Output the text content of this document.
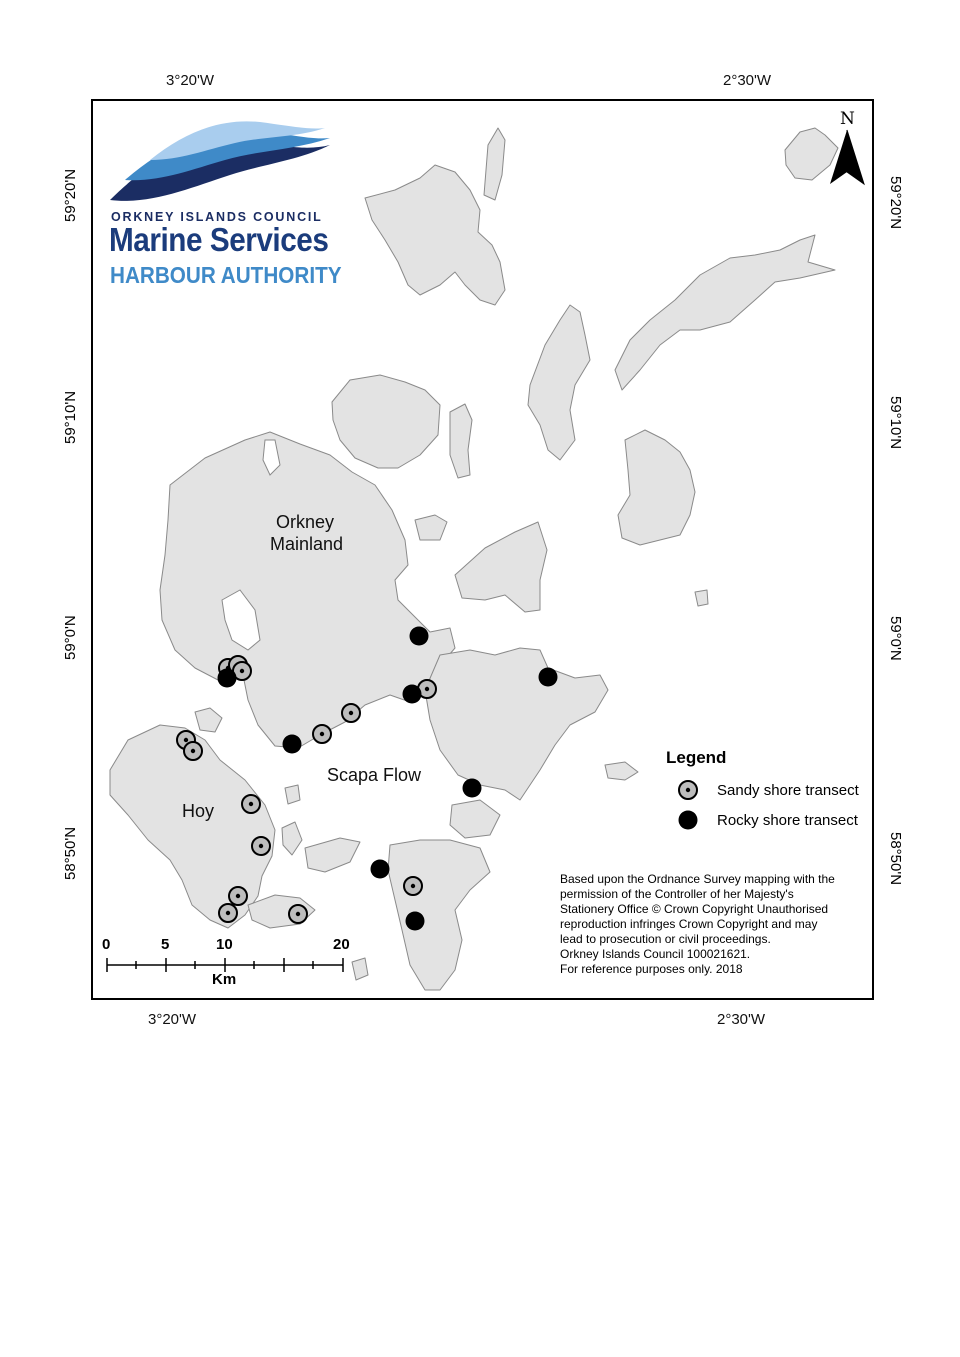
3°20'W	2°30'W
3°20'W	2°30'W
59°20'N
59°10'N
59°0'N
58°50'N
59°20'N
59°10'N
59°0'N
58°50'N
N
ORKNEY ISLANDS COUNCIL
Marine Services
HARBOUR AUTHORITY
Orkney
Mainland
Scapa Flow
Hoy
Legend
Sandy shore transect
Rocky shore transect
Based upon the Ordnance Survey mapping with the
permission of the Controller of her Majesty's
Stationery Office © Crown Copyright Unauthorised
reproduction infringes Crown Copyright and may
lead to prosecution or civil proceedings.
Orkney Islands Council 100021621.
For reference purposes only. 2018
0	5	10	20
Km
